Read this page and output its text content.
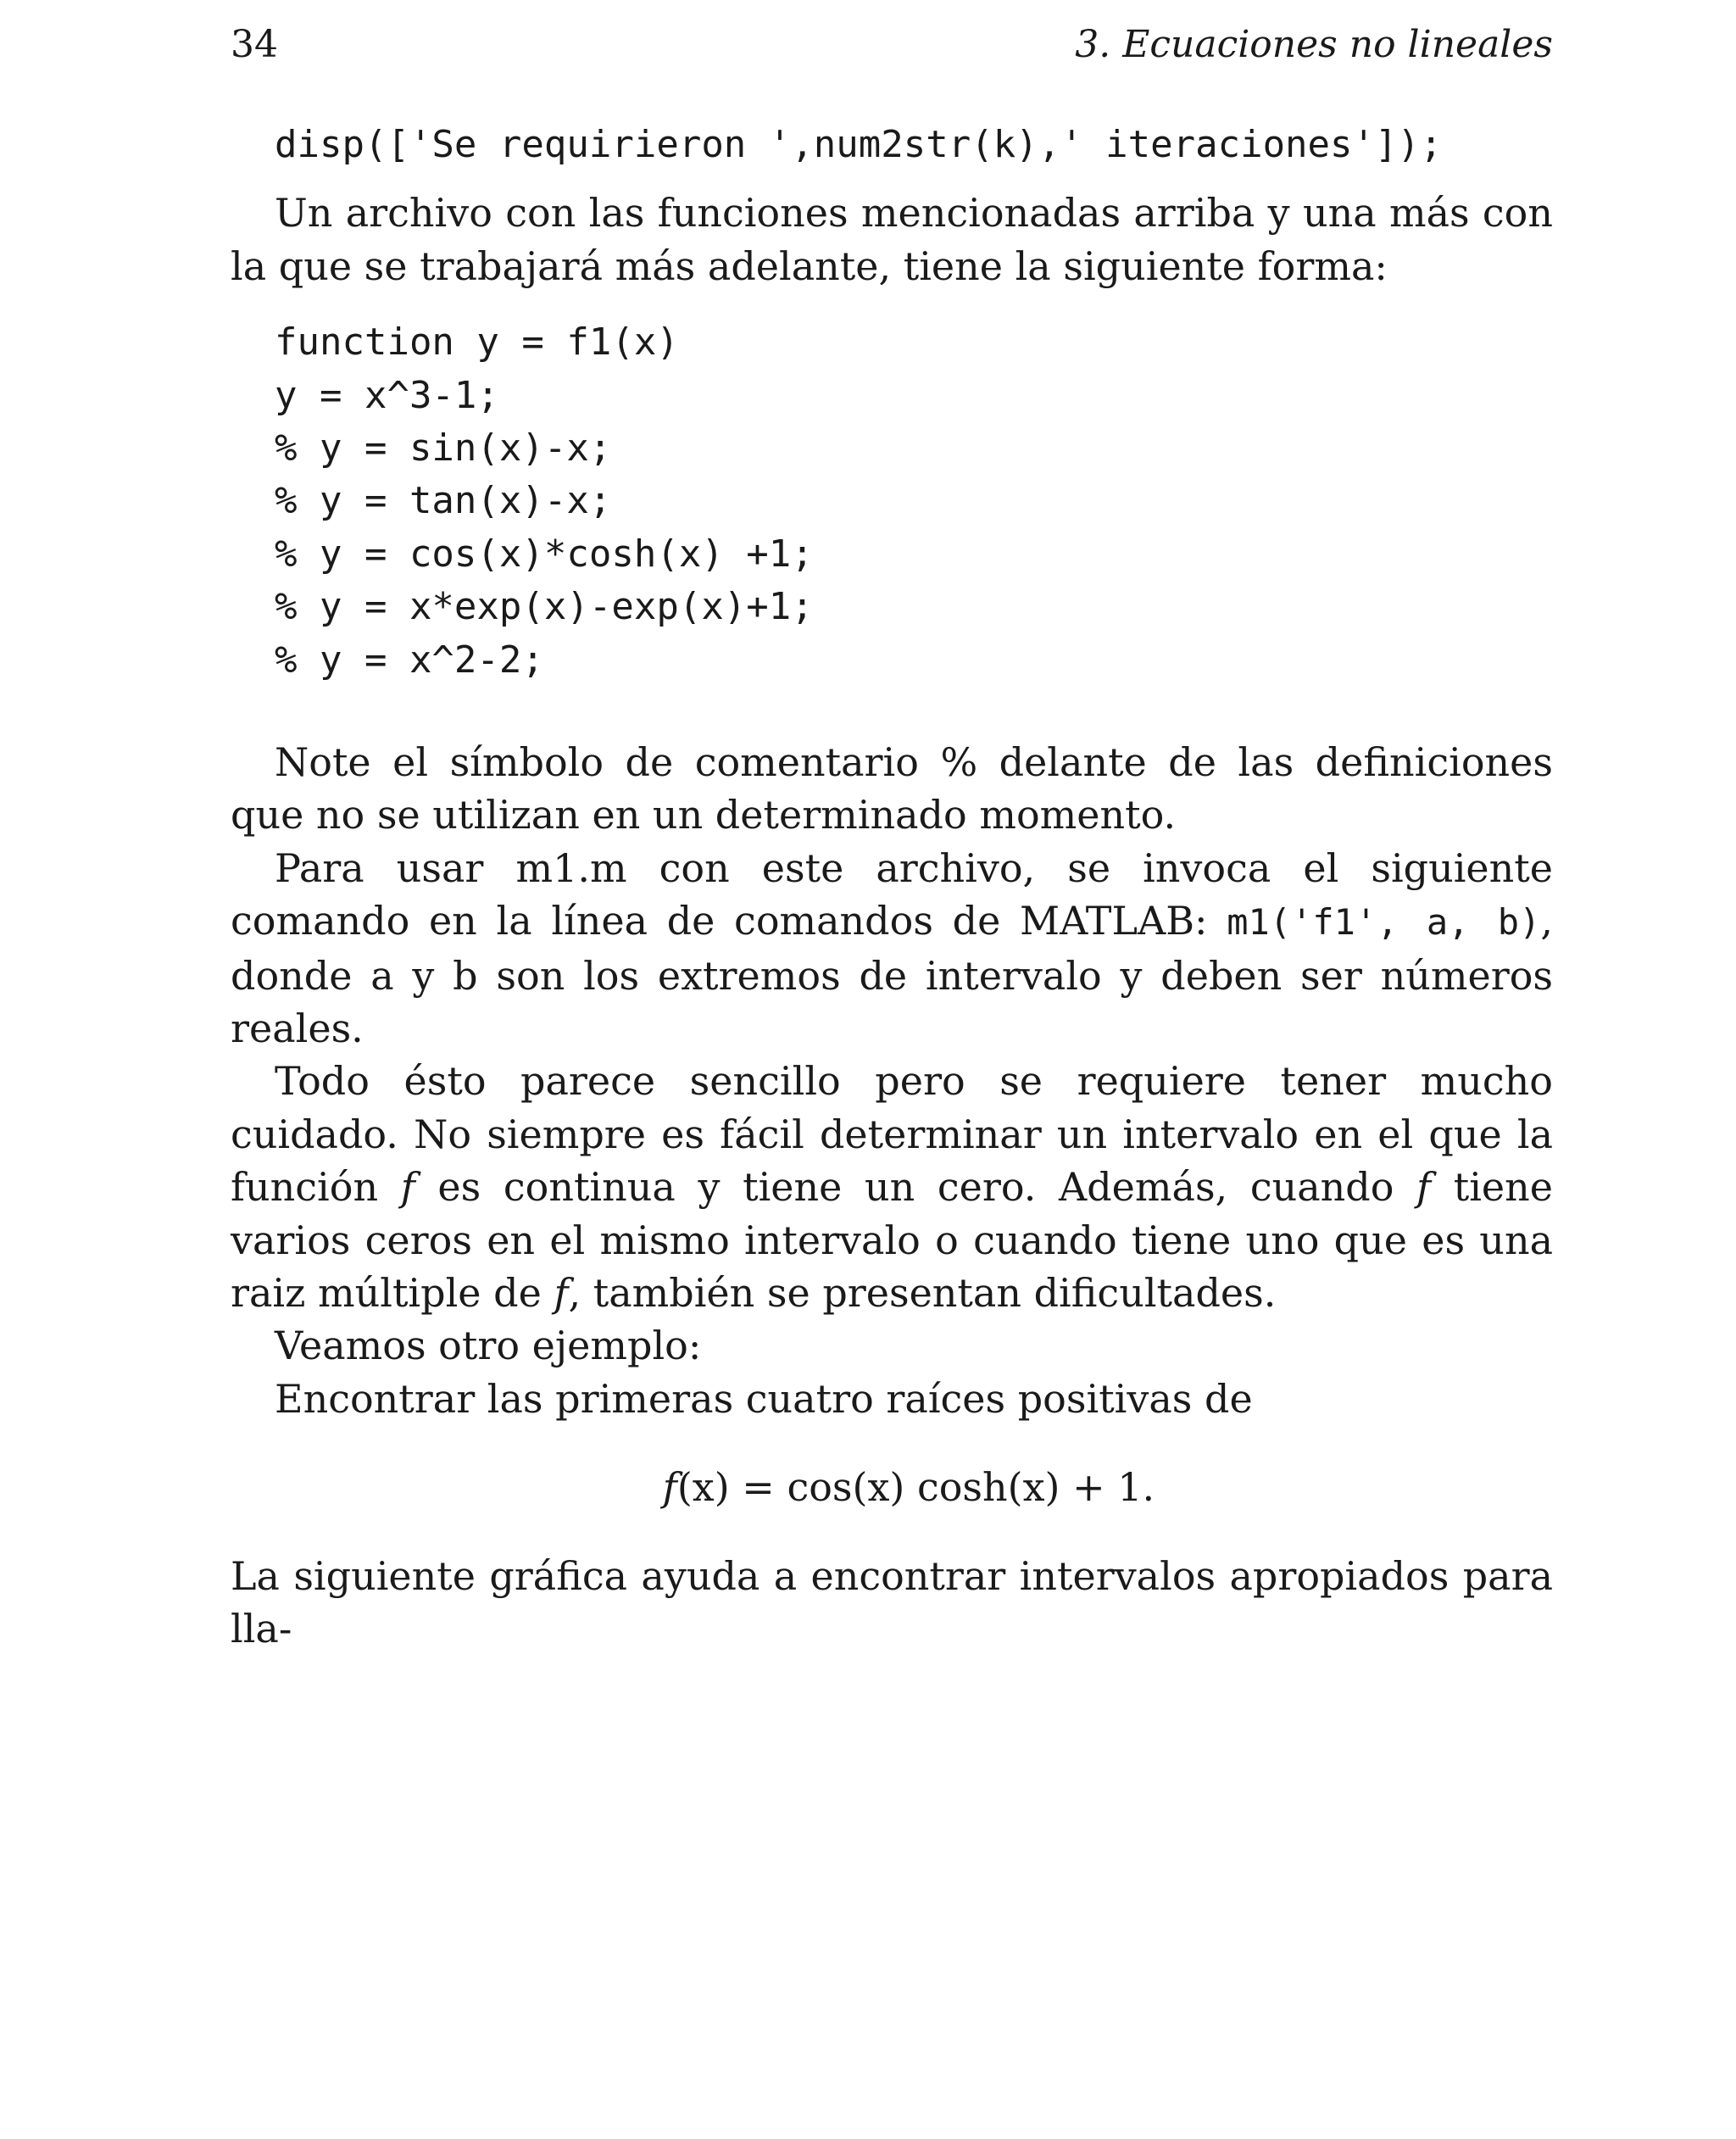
34	3. Ecuaciones no lineales
disp(['Se requirieron ',num2str(k),' iteraciones']);

Un archivo con las funciones mencionadas arriba y una más con la que se trabajará más adelante, tiene la siguiente forma:

function y = f1(x)
y = x^3-1;
% y = sin(x)-x;
% y = tan(x)-x;
% y = cos(x)*cosh(x) +1;
% y = x*exp(x)-exp(x)+1;
% y = x^2-2;

Note el símbolo de comentario % delante de las definiciones que no se utilizan en un determinado momento.

Para usar m1.m con este archivo, se invoca el siguiente comando en la línea de comandos de MATLAB: m1('f1', a, b), donde a y b son los extremos de intervalo y deben ser números reales.

Todo ésto parece sencillo pero se requiere tener mucho cuidado. No siempre es fácil determinar un intervalo en el que la función f es continua y tiene un cero. Además, cuando f tiene varios ceros en el mismo intervalo o cuando tiene uno que es una raiz múltiple de f, también se presentan dificultades.

Veamos otro ejemplo:

Encontrar las primeras cuatro raíces positivas de

f(x) = cos(x) cosh(x) + 1.

La siguiente gráfica ayuda a encontrar intervalos apropiados para lla-
